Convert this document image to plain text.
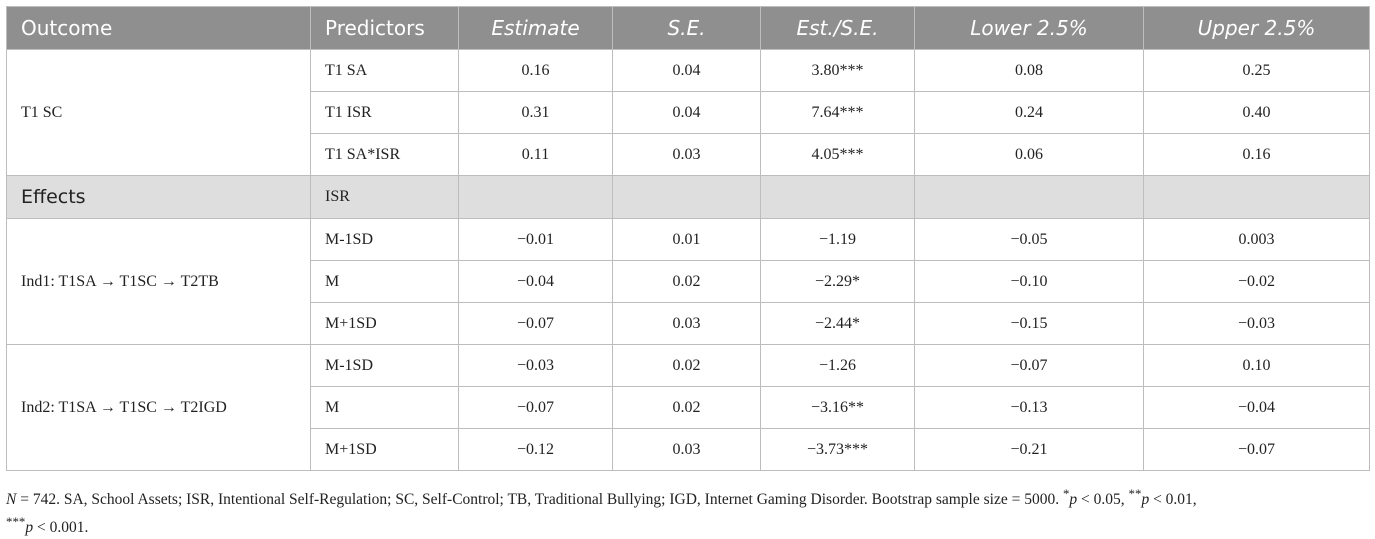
Outcome	Predictors	Estimate	S.E.	Est./S.E.	Lower 2.5%	Upper 2.5%
T1 SC	T1 SA	0.16	0.04	3.80***	0.08	0.25
	T1 ISR	0.31	0.04	7.64***	0.24	0.40
	T1 SA*ISR	0.11	0.03	4.05***	0.06	0.16
Effects	ISR					
Ind1: T1SA → T1SC → T2TB	M-1SD	−0.01	0.01	−1.19	−0.05	0.003
	M	−0.04	0.02	−2.29*	−0.10	−0.02
	M+1SD	−0.07	0.03	−2.44*	−0.15	−0.03
Ind2: T1SA → T1SC → T2IGD	M-1SD	−0.03	0.02	−1.26	−0.07	0.10
	M	−0.07	0.02	−3.16**	−0.13	−0.04
	M+1SD	−0.12	0.03	−3.73***	−0.21	−0.07
N = 742. SA, School Assets; ISR, Intentional Self-Regulation; SC, Self-Control; TB, Traditional Bullying; IGD, Internet Gaming Disorder. Bootstrap sample size = 5000. *p < 0.05, **p < 0.01,
***p < 0.001.
